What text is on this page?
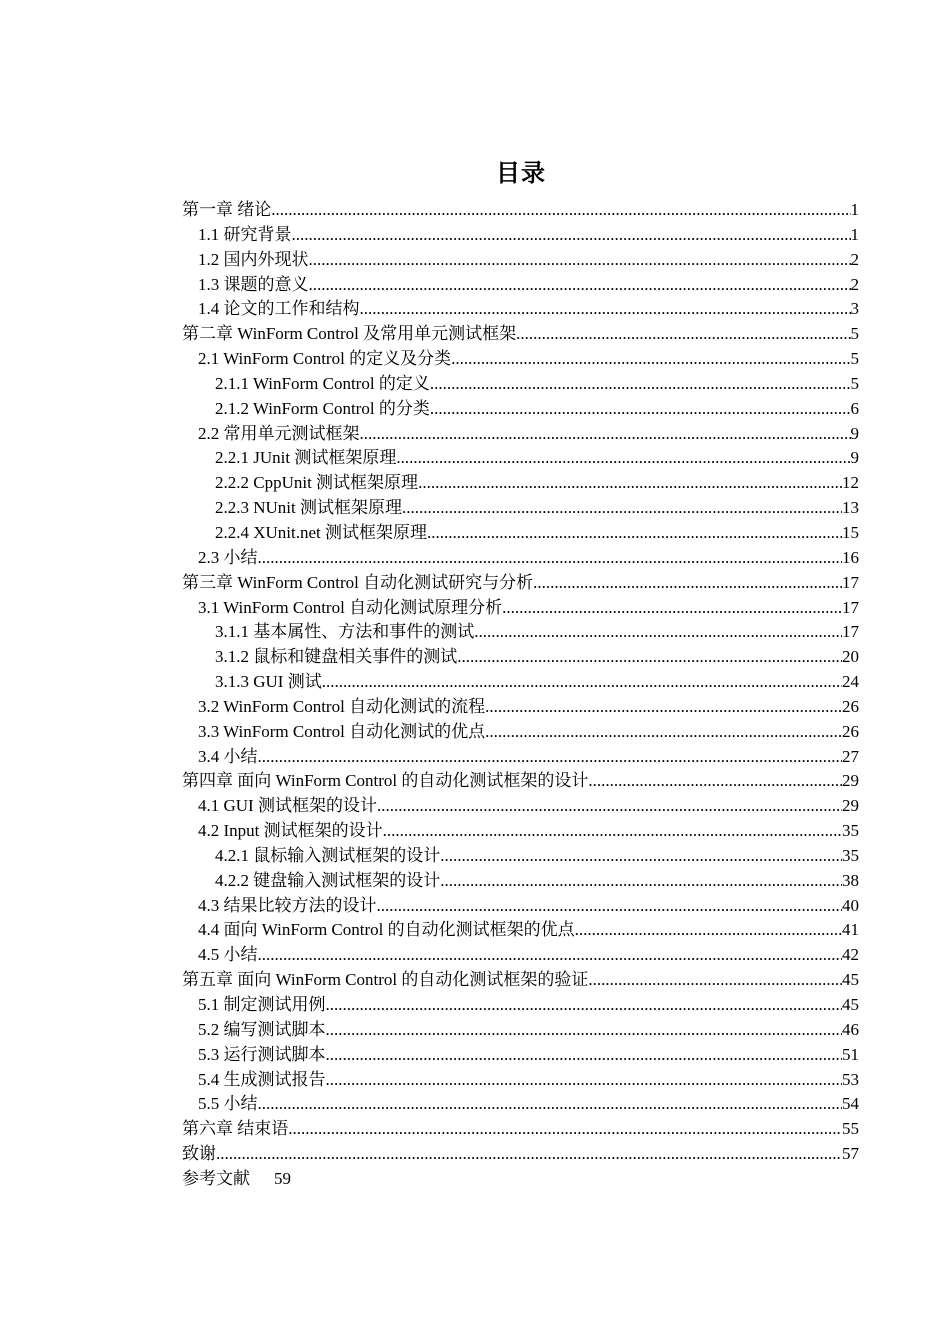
目录
第一章 绪论 .....	1
1.1 研究背景 .....	1
1.2 国内外现状 .....	2
1.3 课题的意义 .....	2
1.4 论文的工作和结构 .....	3
第二章 WinForm Control 及常用单元测试框架 .....	5
2.1 WinForm Control 的定义及分类 .....	5
2.1.1 WinForm Control 的定义 .....	5
2.1.2 WinForm Control 的分类 .....	6
2.2 常用单元测试框架 .....	9
2.2.1 JUnit 测试框架原理 .....	9
2.2.2 CppUnit 测试框架原理 .....	12
2.2.3 NUnit 测试框架原理 .....	13
2.2.4 XUnit.net 测试框架原理 .....	15
2.3 小结 .....	16
第三章 WinForm Control 自动化测试研究与分析 .....	17
3.1 WinForm Control 自动化测试原理分析 .....	17
3.1.1 基本属性、方法和事件的测试 .....	17
3.1.2 鼠标和键盘相关事件的测试 .....	20
3.1.3 GUI 测试 .....	24
3.2 WinForm Control 自动化测试的流程 .....	26
3.3 WinForm Control 自动化测试的优点 .....	26
3.4 小结 .....	27
第四章 面向 WinForm Control 的自动化测试框架的设计 .....	29
4.1 GUI 测试框架的设计 .....	29
4.2 Input 测试框架的设计 .....	35
4.2.1 鼠标输入测试框架的设计 .....	35
4.2.2 键盘输入测试框架的设计 .....	38
4.3 结果比较方法的设计 .....	40
4.4 面向 WinForm Control 的自动化测试框架的优点 .....	41
4.5 小结 .....	42
第五章 面向 WinForm Control 的自动化测试框架的验证 .....	45
5.1 制定测试用例 .....	45
5.2 编写测试脚本 .....	46
5.3 运行测试脚本 .....	51
5.4 生成测试报告 .....	53
5.5 小结 .....	54
第六章 结束语 .....	55
致谢 .....	57
参考文献 59
